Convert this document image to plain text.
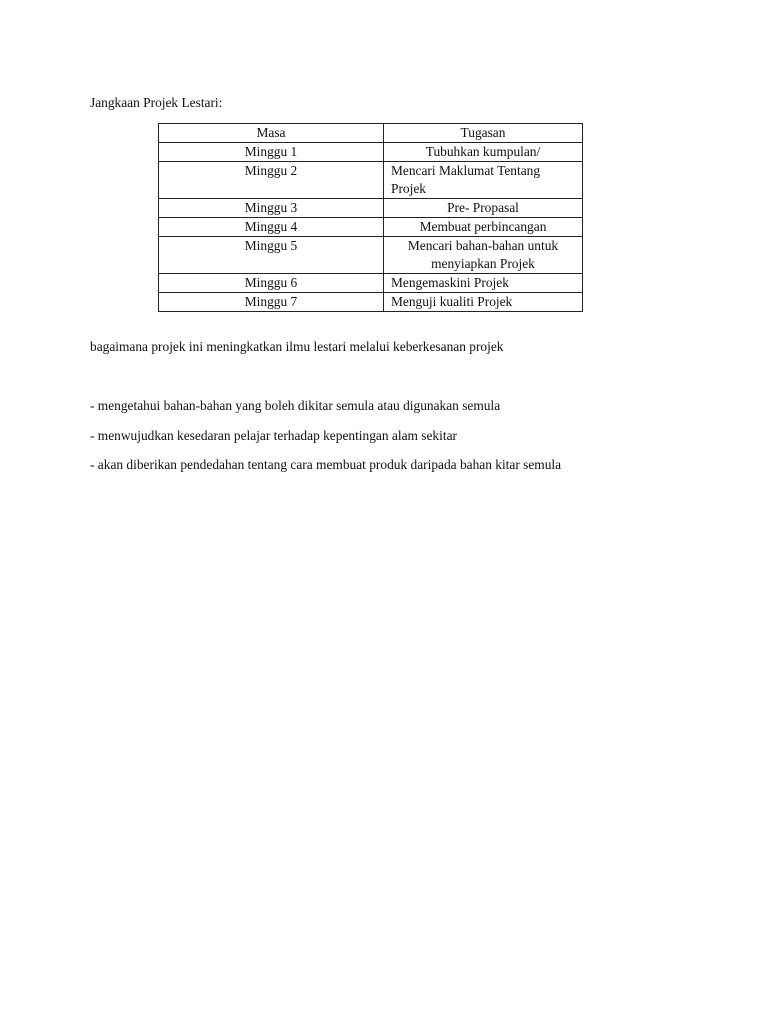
Jangkaan Projek Lestari:
Masa	Tugasan
Minggu 1	Tubuhkan kumpulan/
Minggu 2	Mencari Maklumat Tentang Projek
Minggu 3	Pre- Propasal
Minggu 4	Membuat perbincangan
Minggu 5	Mencari bahan-bahan untuk menyiapkan Projek
Minggu 6	Mengemaskini Projek
Minggu 7	Menguji kualiti Projek
bagaimana projek ini meningkatkan ilmu lestari melalui keberkesanan projek
- mengetahui bahan-bahan yang boleh dikitar semula atau digunakan semula
- menwujudkan kesedaran pelajar terhadap kepentingan alam sekitar
- akan diberikan pendedahan tentang cara membuat produk daripada bahan kitar semula
